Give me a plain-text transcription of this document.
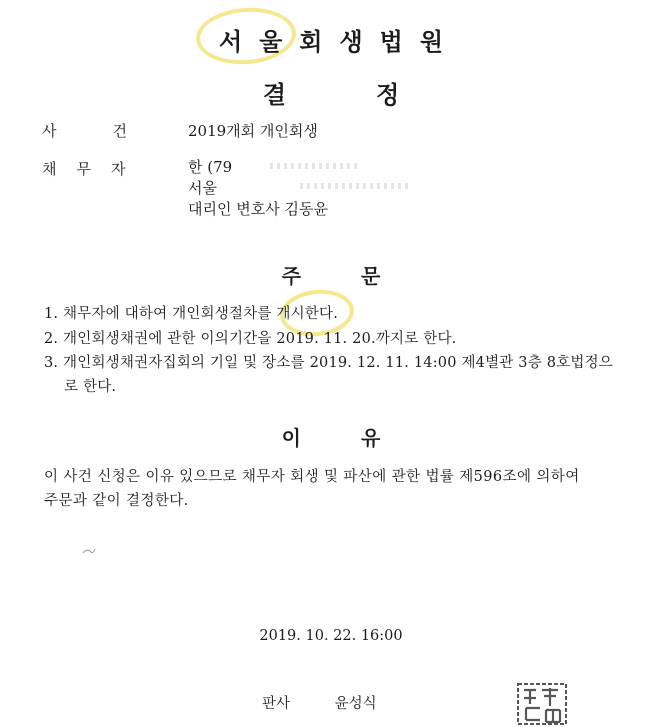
서울회생법원
결정
사건 2019개회 개인회생
채무자	한 (79
서울
대리인 변호사 김동윤
주문
1. 채무자에 대하여 개인회생절차를 개시한다.
2. 개인회생채권에 관한 이의기간을 2019. 11. 20.까지로 한다.
3. 개인회생채권자집회의 기일 및 장소를 2019. 12. 11. 14:00 제4별관 3층 8호법정으
로 한다.
이유
이 사건 신청은 이유 있으므로 채무자 회생 및 파산에 관한 법률 제596조에 의하여
주문과 같이 결정한다.
2019. 10. 22. 16:00
판사	윤성식
